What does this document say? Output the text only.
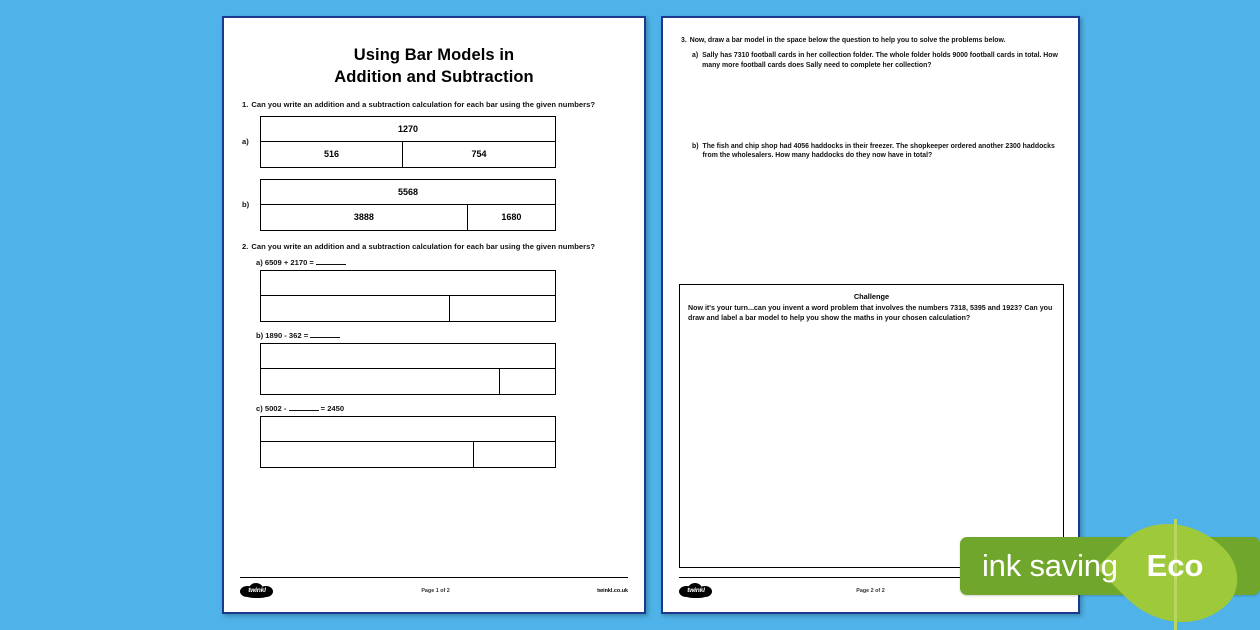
Using Bar Models in
Addition and Subtraction
1. Can you write an addition and a subtraction calculation for each bar using the given numbers?
a)
1270
516	754
b)
5568
3888	1680
2. Can you write an addition and a subtraction calculation for each bar using the given numbers?
a) 6509 + 2170 =
b) 1890 - 362 =
c) 5002 -	= 2450
twinkl	Page 1 of 2	twinkl.co.uk
3. Now, draw a bar model in the space below the question to help you to solve the problems below.
a) Sally has 7310 football cards in her collection folder. The whole folder holds 9000 football cards in total. How many more football cards does Sally need to complete her collection?
b) The fish and chip shop had 4056 haddocks in their freezer. The shopkeeper ordered another 2300 haddocks from the wholesalers. How many haddocks do they now have in total?
Challenge
Now it's your turn...can you invent a word problem that involves the numbers 7318, 5395 and 1923? Can you draw and label a bar model to help you show the maths in your chosen calculation?
twinkl	Page 2 of 2
ink saving Eco
